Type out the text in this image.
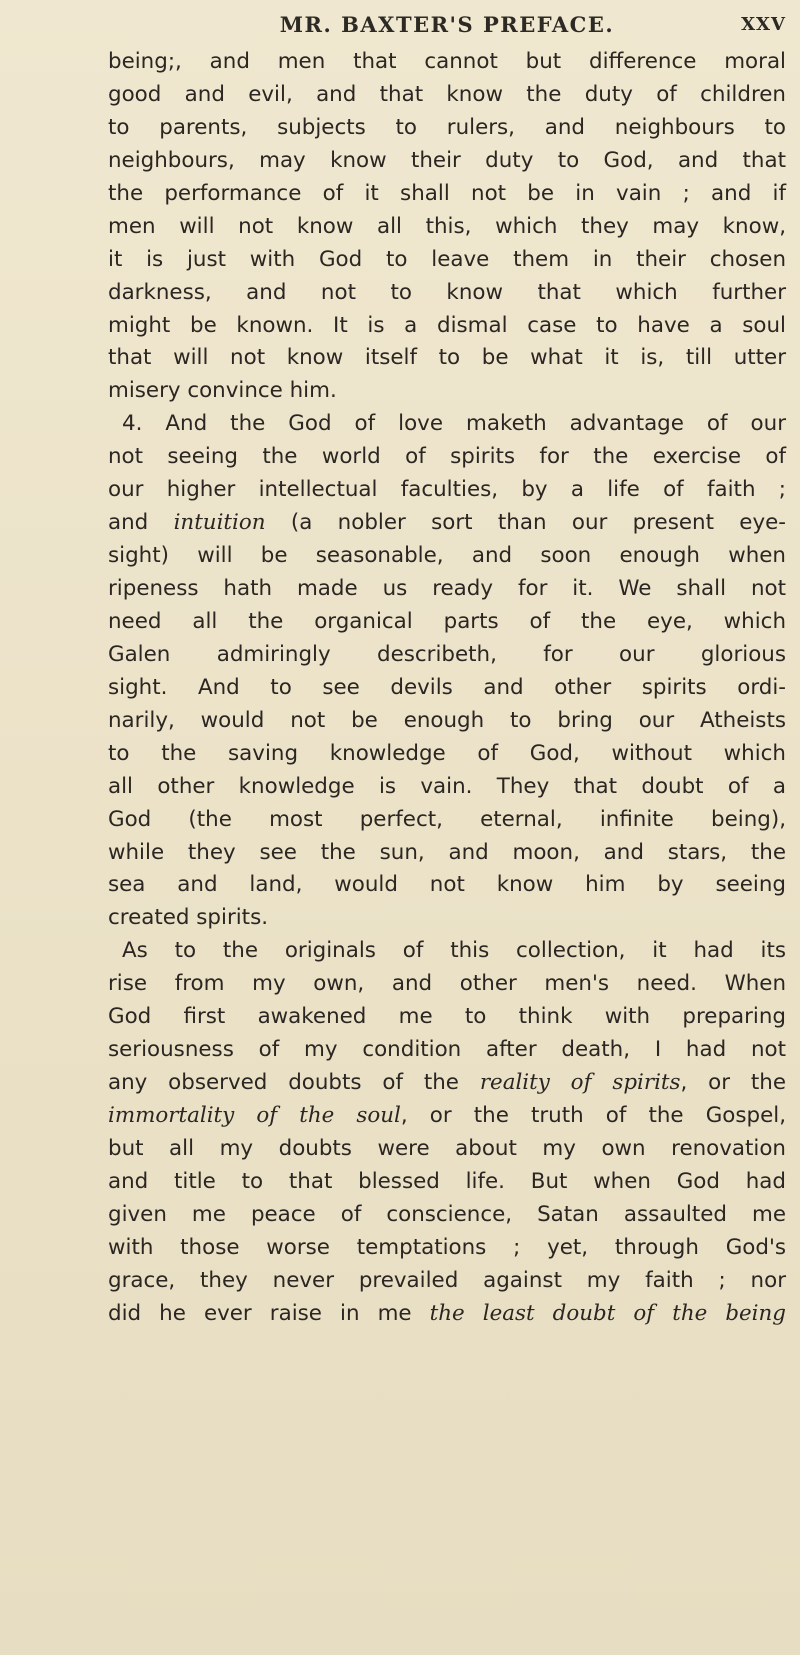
MR. BAXTER'S PREFACE.	XXV
being;, and men that cannot but difference moral
good and evil, and that know the duty of children
to parents, subjects to rulers, and neighbours to
neighbours, may know their duty to God, and that
the performance of it shall not be in vain ; and if
men will not know all this, which they may know,
it is just with God to leave them in their chosen
darkness, and not to know that which further
might be known. It is a dismal case to have a soul
that will not know itself to be what it is, till utter
misery convince him.
4. And the God of love maketh advantage of our
not seeing the world of spirits for the exercise of
our higher intellectual faculties, by a life of faith ;
and intuition (a nobler sort than our present eye-
sight) will be seasonable, and soon enough when
ripeness hath made us ready for it. We shall not
need all the organical parts of the eye, which
Galen admiringly describeth, for our glorious
sight. And to see devils and other spirits ordi-
narily, would not be enough to bring our Atheists
to the saving knowledge of God, without which
all other knowledge is vain. They that doubt of a
God (the most perfect, eternal, infinite being),
while they see the sun, and moon, and stars, the
sea and land, would not know him by seeing
created spirits.
As to the originals of this collection, it had its
rise from my own, and other men's need. When
God first awakened me to think with preparing
seriousness of my condition after death, I had not
any observed doubts of the reality of spirits, or the
immortality of the soul, or the truth of the Gospel,
but all my doubts were about my own renovation
and title to that blessed life. But when God had
given me peace of conscience, Satan assaulted me
with those worse temptations ; yet, through God's
grace, they never prevailed against my faith ; nor
did he ever raise in me the least doubt of the being
